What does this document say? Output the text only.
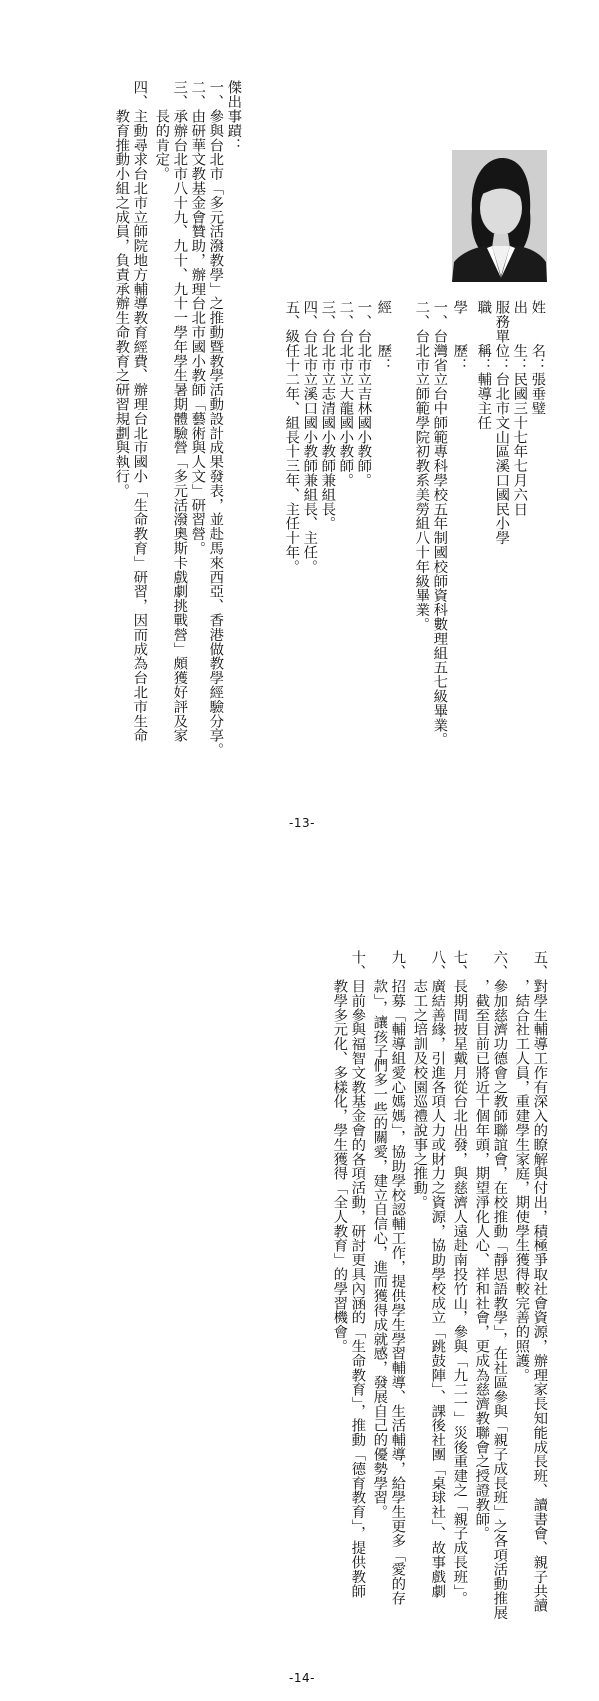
姓　　名：張垂璧
出　　生：民國三十七年七月六日
服務單位：台北市文山區溪口國民小學
職　　稱：輔導主任
學　　歷：
一、台灣省立台中師範專科學校五年制國校師資科數理組五七級畢業。
二、台北市立師範學院初教系美勞組八十年級畢業。
經　　歷：
一、台北市立吉林國小教師。
二、台北市立大龍國小教師。
三、台北市立志清國小教師兼組長。
四、台北市立溪口國小教師兼組長、主任。
五、級任十二年、組長十三年、主任十年。
傑出事蹟：
一、參與台北市「多元活潑教學」之推動暨教學活動設計成果發表，並赴馬來西亞、香港做教學經驗分享。
二、由研華文教基金會贊助，辦理台北市國小教師「藝術與人文」研習營。
三、承辦台北市八十九、九十、九十一學年學生暑期體驗營「多元活潑奧斯卡戲劇挑戰營」頗獲好評及家
　　長的肯定。
四、主動尋求台北市立師院地方輔導教育經費、辦理台北市國小「生命教育」研習，因而成為台北市生命
　　教育推動小組之成員，負責承辦生命教育之研習規劃與執行。
-13-
五、對學生輔導工作有深入的瞭解與付出，積極爭取社會資源，辦理家長知能成長班、讀書會、親子共讀
　　，結合社工人員，重建學生家庭，期使學生獲得較完善的照護。
六、參加慈濟功德會之教師聯誼會，在校推動「靜思語教學」，在社區參與「親子成長班」之各項活動推展
　　，截至目前已將近十個年頭，期望淨化人心、祥和社會，更成為慈濟教聯會之授證教師。
七、長期間披星戴月從台北出發，與慈濟人遠赴南投竹山，參與「九二一」災後重建之「親子成長班」。
八、廣結善緣，引進各項人力或財力之資源，協助學校成立「跳鼓陣」、課後社團「桌球社」、故事戲劇
　　志工之培訓及校園巡禮說事之推動。
九、招募「輔導組愛心媽媽」，協助學校認輔工作，提供學生學習輔導、生活輔導，給學生更多「愛的存
　　款」，讓孩子們多一些的關愛，建立自信心，進而獲得成就感，發展自己的優勢學習。
十、目前參與福智文教基金會的各項活動，研討更具內涵的「生命教育」，推動「德育教育」，提供教師
　　教學多元化、多樣化，學生獲得「全人教育」的學習機會。
-14-
